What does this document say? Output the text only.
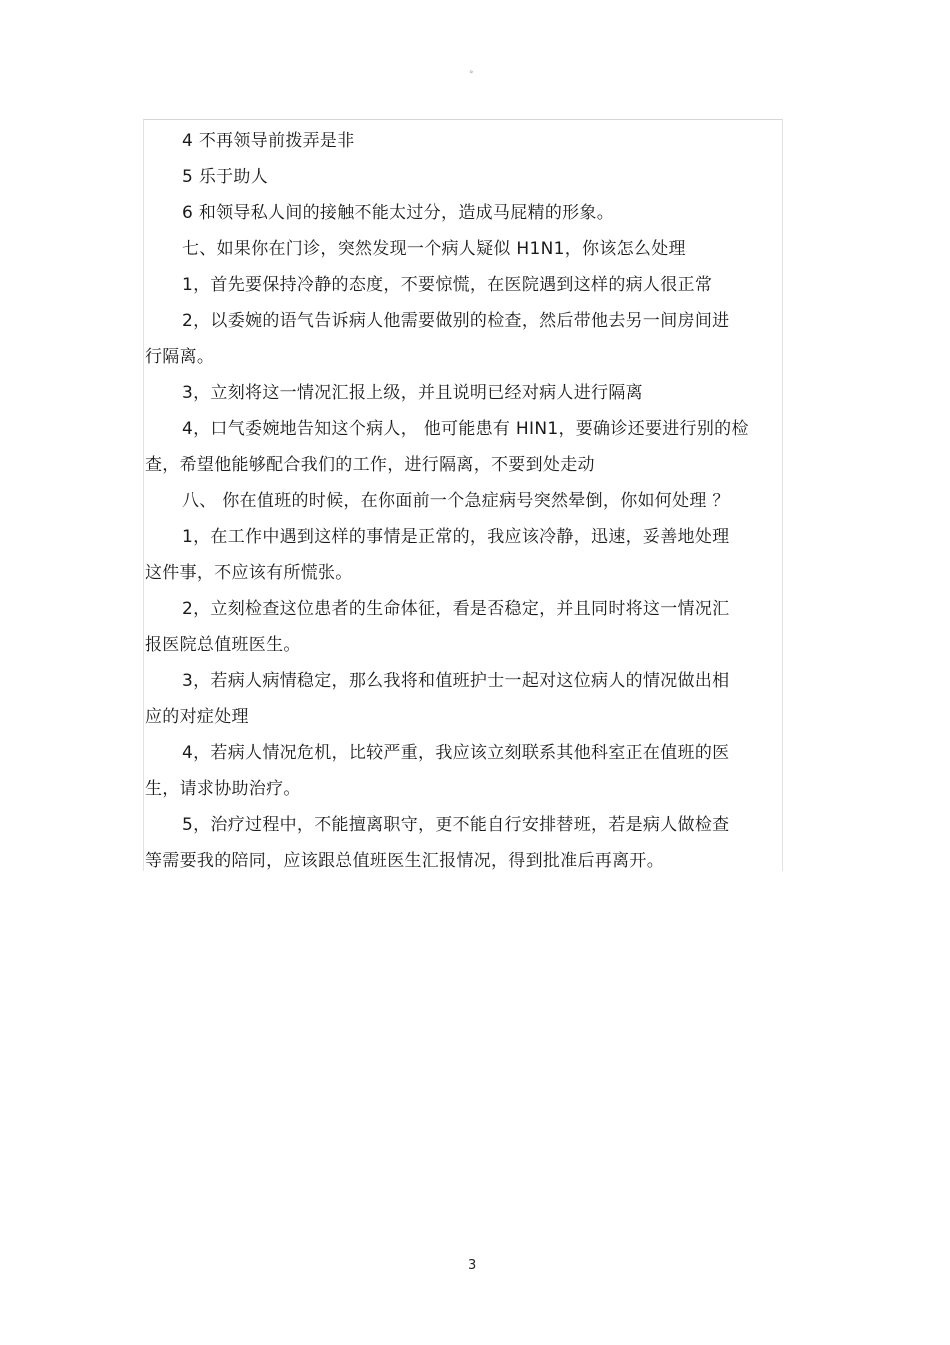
°
4 不再领导前拨弄是非
5 乐于助人
6 和领导私人间的接触不能太过分，造成马屁精的形象。
七、如果你在门诊，突然发现一个病人疑似 H1N1，你该怎么处理
1，首先要保持冷静的态度，不要惊慌，在医院遇到这样的病人很正常
2，以委婉的语气告诉病人他需要做别的检查，然后带他去另一间房间进
行隔离。
3，立刻将这一情况汇报上级，并且说明已经对病人进行隔离
4，口气委婉地告知这个病人， 他可能患有 HIN1，要确诊还要进行别的检
查，希望他能够配合我们的工作，进行隔离，不要到处走动
八、 你在值班的时候，在你面前一个急症病号突然晕倒，你如何处理 ？
1，在工作中遇到这样的事情是正常的，我应该冷静，迅速，妥善地处理
这件事，不应该有所慌张。
2，立刻检查这位患者的生命体征，看是否稳定，并且同时将这一情况汇
报医院总值班医生。
3，若病人病情稳定，那么我将和值班护士一起对这位病人的情况做出相
应的对症处理
4，若病人情况危机，比较严重，我应该立刻联系其他科室正在值班的医
生，请求协助治疗。
5，治疗过程中，不能擅离职守，更不能自行安排替班，若是病人做检查
等需要我的陪同，应该跟总值班医生汇报情况，得到批准后再离开。
3
